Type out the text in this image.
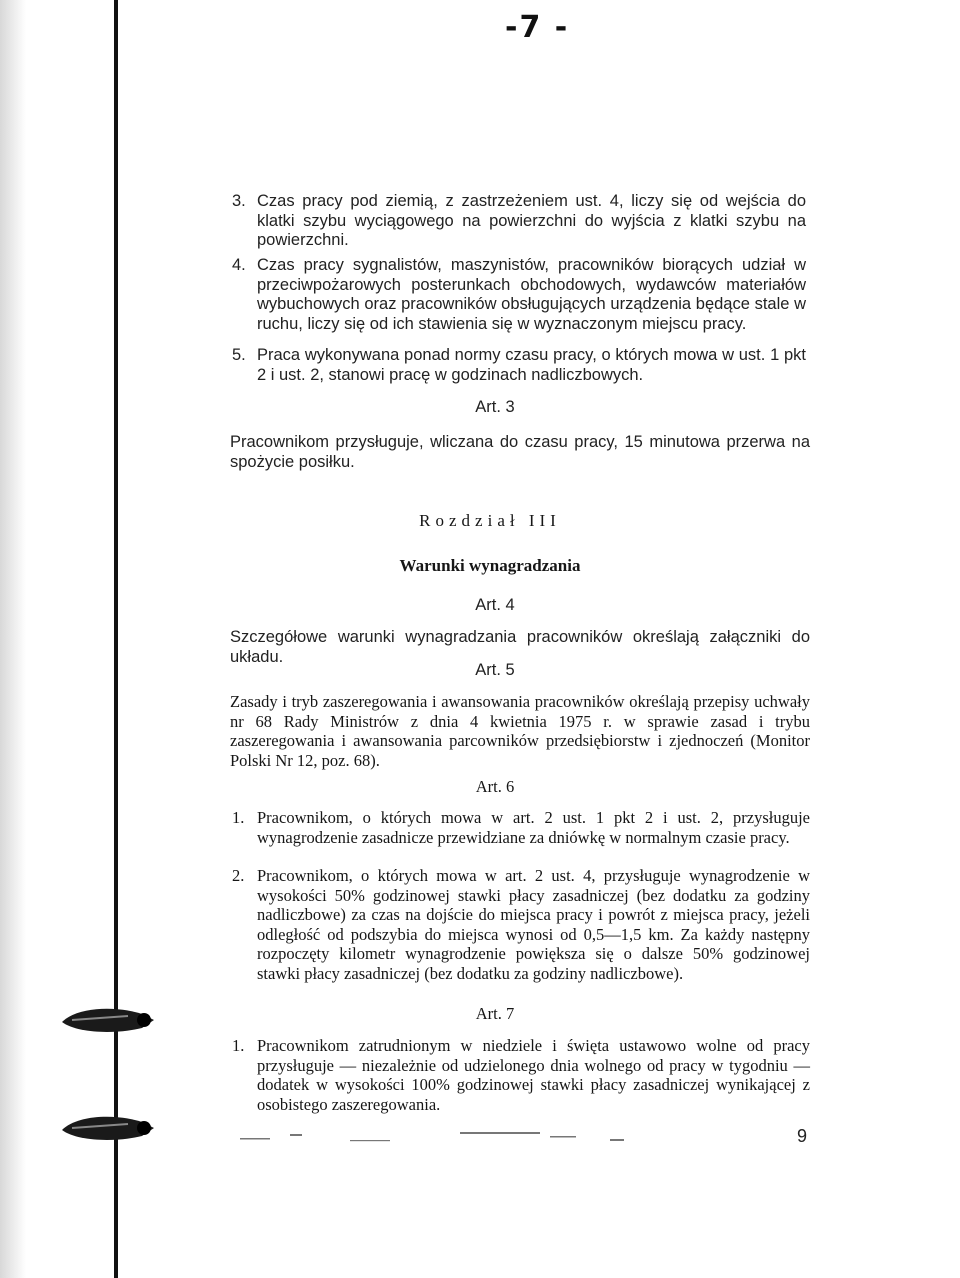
-7 -
3. Czas pracy pod ziemią, z zastrzeżeniem ust. 4, liczy się od wejścia do klatki szybu wyciągowego na powierzchni do wyjścia z klatki szybu na powierzchni.
4. Czas pracy sygnalistów, maszynistów, pracowników biorących udział w przeciwpożarowych posterunkach obchodowych, wydawców materiałów wybuchowych oraz pracowników obsługujących urządzenia będące stale w ruchu, liczy się od ich stawienia się w wyznaczonym miejscu pracy.
5. Praca wykonywana ponad normy czasu pracy, o których mowa w ust. 1 pkt 2 i ust. 2, stanowi pracę w godzinach nadliczbowych.
Art. 3
Pracownikom przysługuje, wliczana do czasu pracy, 15 minutowa przerwa na spożycie posiłku.
Rozdział III
Warunki wynagradzania
Art. 4
Szczegółowe warunki wynagradzania pracowników określają załączniki do układu.
Art. 5
Zasady i tryb zaszeregowania i awansowania pracowników określają przepisy uchwały nr 68 Rady Ministrów z dnia 4 kwietnia 1975 r. w sprawie zasad i trybu zaszeregowania i awansowania parcowników przedsiębiorstw i zjednoczeń (Monitor Polski Nr 12, poz. 68).
Art. 6
1. Pracownikom, o których mowa w art. 2 ust. 1 pkt 2 i ust. 2, przysługuje wynagrodzenie zasadnicze przewidziane za dniówkę w normalnym czasie pracy.
2. Pracownikom, o których mowa w art. 2 ust. 4, przysługuje wynagrodzenie w wysokości 50% godzinowej stawki płacy zasadniczej (bez dodatku za godziny nadliczbowe) za czas na dojście do miejsca pracy i powrót z miejsca pracy, jeżeli odległość od podszybia do miejsca wynosi od 0,5—1,5 km. Za każdy następny rozpoczęty kilometr wynagrodzenie powiększa się o dalsze 50% godzinowej stawki płacy zasadniczej (bez dodatku za godziny nadliczbowe).
Art. 7
1. Pracownikom zatrudnionym w niedziele i święta ustawowo wolne od pracy przysługuje — niezależnie od udzielonego dnia wolnego od pracy w tygodniu — dodatek w wysokości 100% godzinowej stawki płacy zasadniczej wynikającej z osobistego zaszeregowania.
9
